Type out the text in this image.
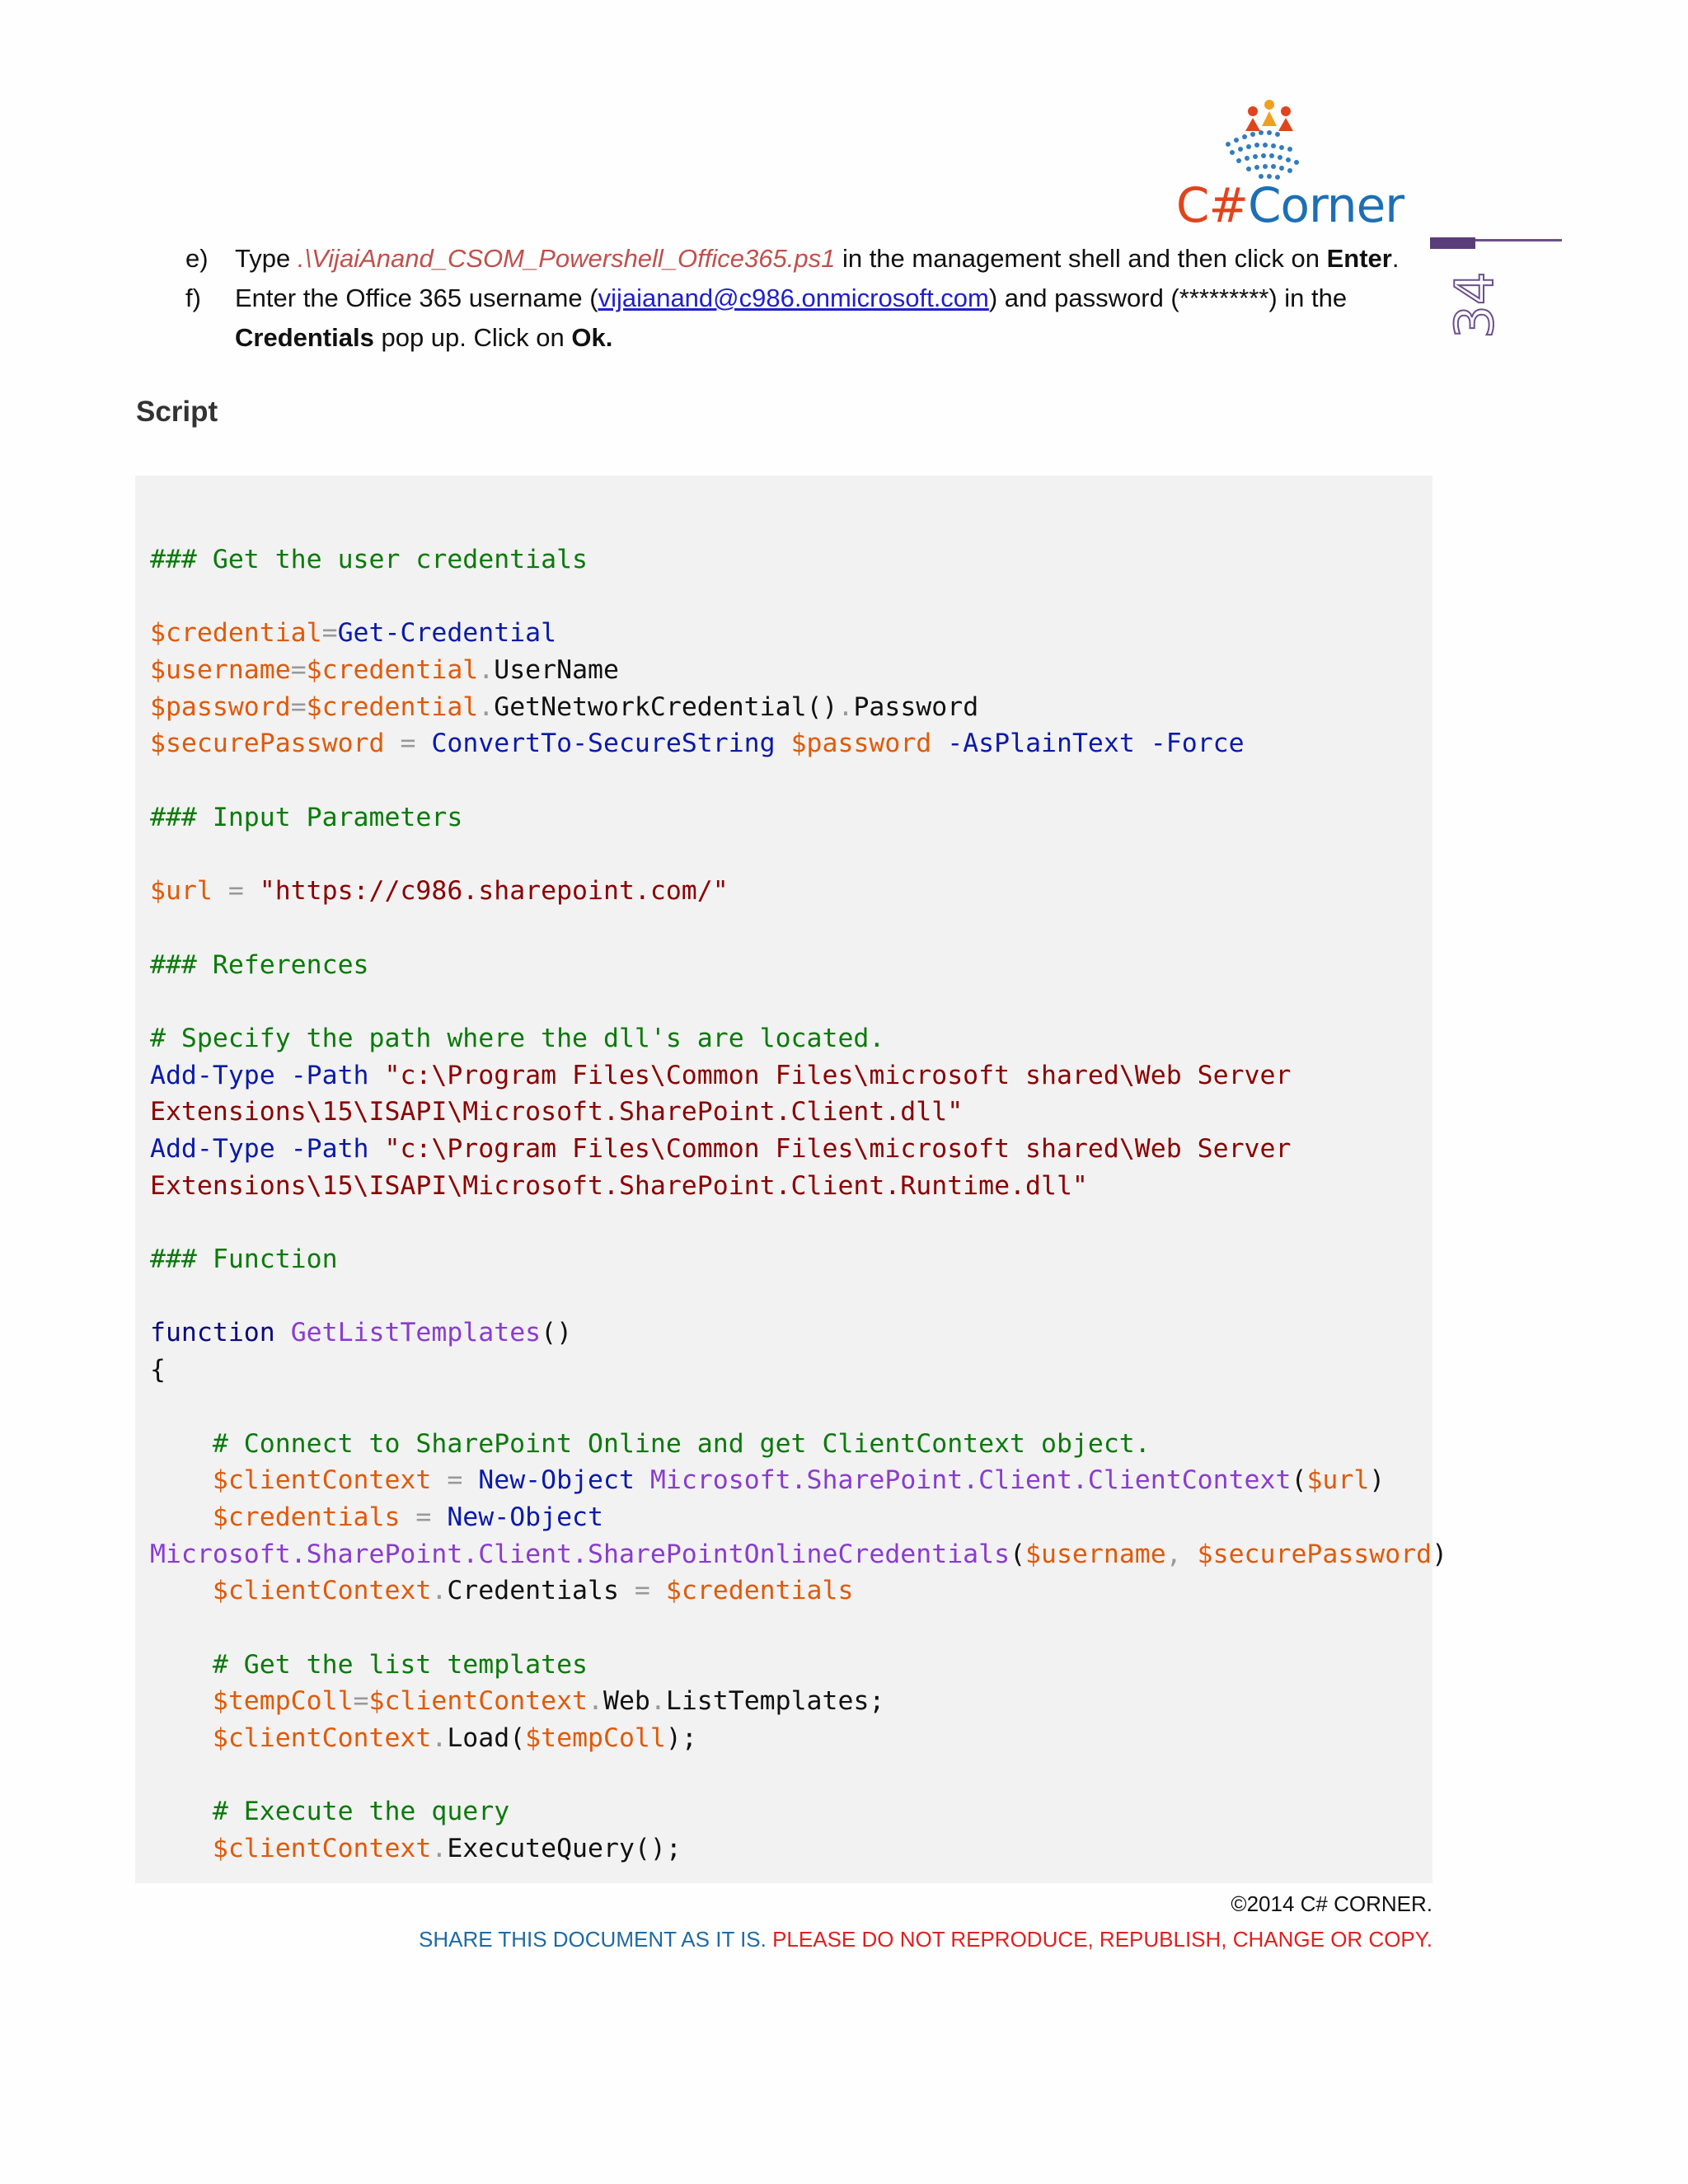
C#Corner
34
e) Type .\VijaiAnand_CSOM_Powershell_Office365.ps1 in the management shell and then click on Enter.
f) Enter the Office 365 username (vijaianand@c986.onmicrosoft.com) and password (*********) in the
Credentials pop up. Click on Ok.
Script
### Get the user credentials
$credential=Get-Credential
$username=$credential.UserName
$password=$credential.GetNetworkCredential().Password
$securePassword = ConvertTo-SecureString $password -AsPlainText -Force
### Input Parameters
$url = "https://c986.sharepoint.com/"
### References
# Specify the path where the dll's are located.
Add-Type -Path "c:\Program Files\Common Files\microsoft shared\Web Server
Extensions\15\ISAPI\Microsoft.SharePoint.Client.dll"
Add-Type -Path "c:\Program Files\Common Files\microsoft shared\Web Server
Extensions\15\ISAPI\Microsoft.SharePoint.Client.Runtime.dll"
### Function
function GetListTemplates()
{
# Connect to SharePoint Online and get ClientContext object.
$clientContext = New-Object Microsoft.SharePoint.Client.ClientContext($url)
$credentials = New-Object
Microsoft.SharePoint.Client.SharePointOnlineCredentials($username, $securePassword)
$clientContext.Credentials = $credentials
# Get the list templates
$tempColl=$clientContext.Web.ListTemplates;
$clientContext.Load($tempColl);
# Execute the query
$clientContext.ExecuteQuery();
©2014 C# CORNER.
SHARE THIS DOCUMENT AS IT IS. PLEASE DO NOT REPRODUCE, REPUBLISH, CHANGE OR COPY.
